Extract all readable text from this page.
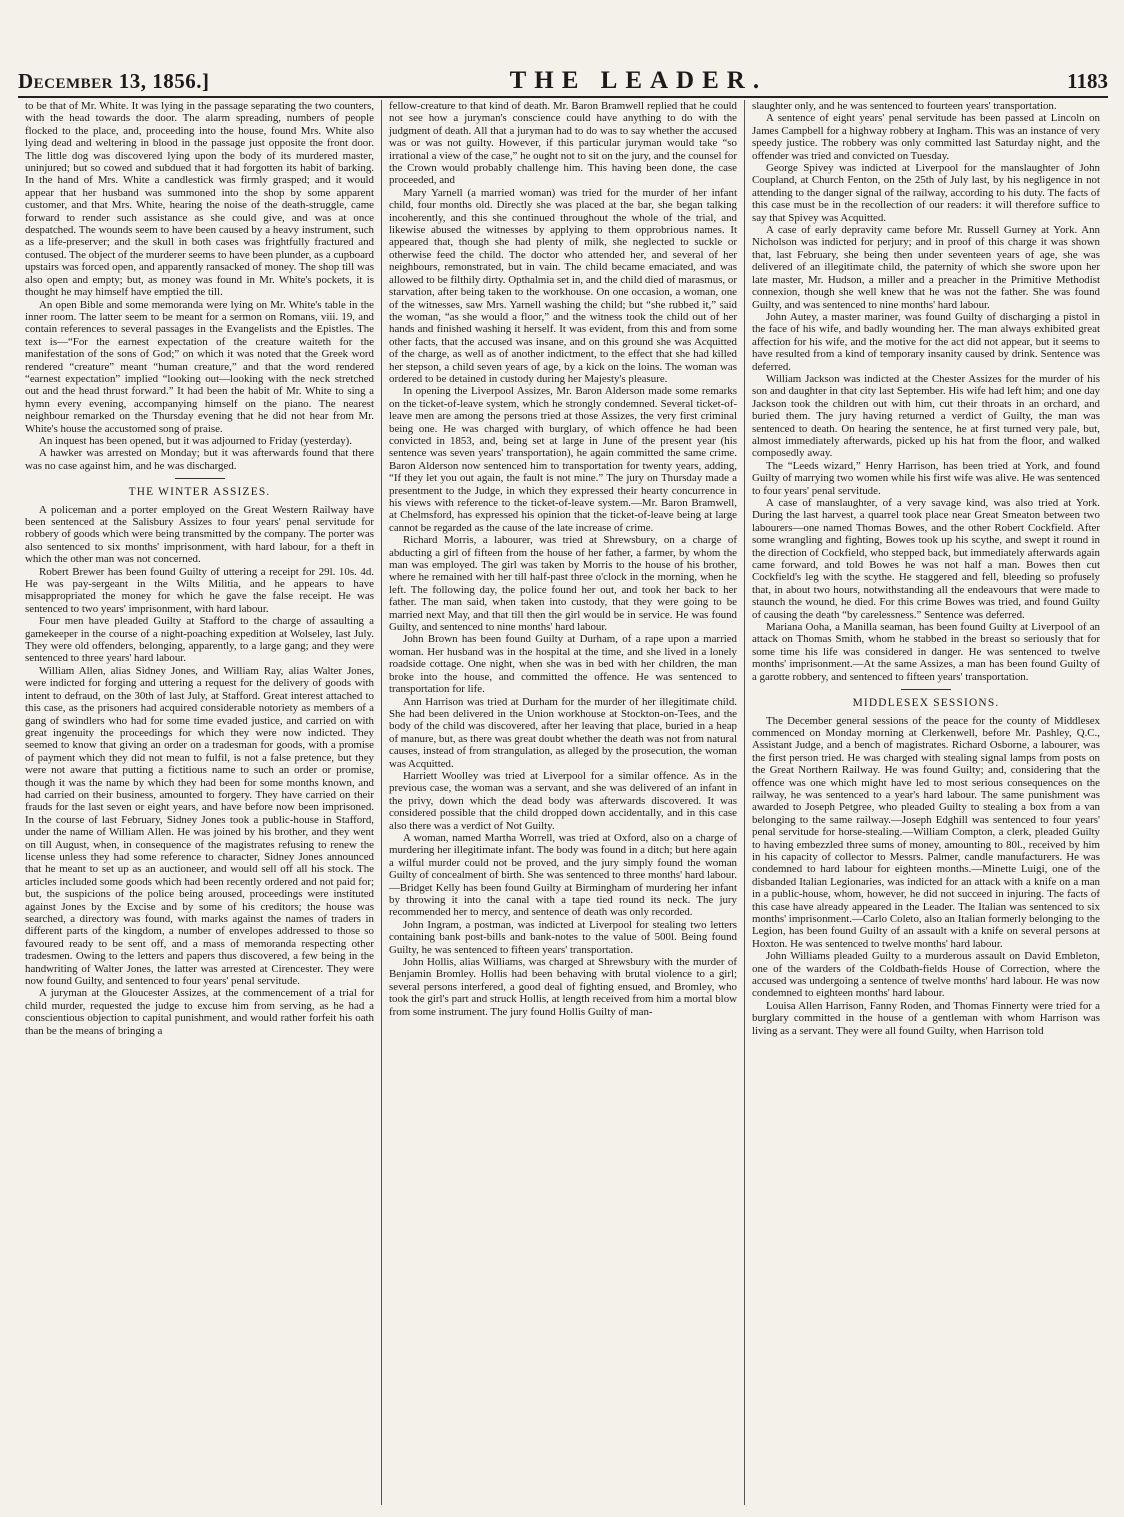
December 13, 1856.]	THE LEADER.	1183

to be that of Mr. White. It was lying in the passage separating the two counters, with the head towards the door. The alarm spreading, numbers of people flocked to the place, and, proceeding into the house, found Mrs. White also lying dead and weltering in blood in the passage just opposite the front door. The little dog was discovered lying upon the body of its murdered master, uninjured; but so cowed and subdued that it had forgotten its habit of barking. In the hand of Mrs. White a candlestick was firmly grasped; and it would appear that her husband was summoned into the shop by some apparent customer, and that Mrs. White, hearing the noise of the death-struggle, came forward to render such assistance as she could give, and was at once despatched. The wounds seem to have been caused by a heavy instrument, such as a life-preserver; and the skull in both cases was frightfully fractured and contused. The object of the murderer seems to have been plunder, as a cupboard upstairs was forced open, and apparently ransacked of money. The shop till was also open and empty; but, as money was found in Mr. White's pockets, it is thought he may himself have emptied the till.

An open Bible and some memoranda were lying on Mr. White's table in the inner room. The latter seem to be meant for a sermon on Romans, viii. 19, and contain references to several passages in the Evangelists and the Epistles. The text is—“For the earnest expectation of the creature waiteth for the manifestation of the sons of God;” on which it was noted that the Greek word rendered “creature” meant “human creature,” and that the word rendered “earnest expectation” implied “looking out—looking with the neck stretched out and the head thrust forward.” It had been the habit of Mr. White to sing a hymn every evening, accompanying himself on the piano. The nearest neighbour remarked on the Thursday evening that he did not hear from Mr. White's house the accustomed song of praise.

An inquest has been opened, but it was adjourned to Friday (yesterday).

A hawker was arrested on Monday; but it was afterwards found that there was no case against him, and he was discharged.

THE WINTER ASSIZES.

A policeman and a porter employed on the Great Western Railway have been sentenced at the Salisbury Assizes to four years' penal servitude for robbery of goods which were being transmitted by the company. The porter was also sentenced to six months' imprisonment, with hard labour, for a theft in which the other man was not concerned.

Robert Brewer has been found Guilty of uttering a receipt for 29l. 10s. 4d. He was pay-sergeant in the Wilts Militia, and he appears to have misappropriated the money for which he gave the false receipt. He was sentenced to two years' imprisonment, with hard labour.

Four men have pleaded Guilty at Stafford to the charge of assaulting a gamekeeper in the course of a night-poaching expedition at Wolseley, last July. They were old offenders, belonging, apparently, to a large gang; and they were sentenced to three years' hard labour.

William Allen, alias Sidney Jones, and William Ray, alias Walter Jones, were indicted for forging and uttering a request for the delivery of goods with intent to defraud, on the 30th of last July, at Stafford. Great interest attached to this case, as the prisoners had acquired considerable notoriety as members of a gang of swindlers who had for some time evaded justice, and carried on with great ingenuity the proceedings for which they were now indicted. They seemed to know that giving an order on a tradesman for goods, with a promise of payment which they did not mean to fulfil, is not a false pretence, but they were not aware that putting a fictitious name to such an order or promise, though it was the name by which they had been for some months known, and had carried on their business, amounted to forgery. They have carried on their frauds for the last seven or eight years, and have before now been imprisoned. In the course of last February, Sidney Jones took a public-house in Stafford, under the name of William Allen. He was joined by his brother, and they went on till August, when, in consequence of the magistrates refusing to renew the license unless they had some reference to character, Sidney Jones announced that he meant to set up as an auctioneer, and would sell off all his stock. The articles included some goods which had been recently ordered and not paid for; but, the suspicions of the police being aroused, proceedings were instituted against Jones by the Excise and by some of his creditors; the house was searched, a directory was found, with marks against the names of traders in different parts of the kingdom, a number of envelopes addressed to those so favoured ready to be sent off, and a mass of memoranda respecting other tradesmen. Owing to the letters and papers thus discovered, a few being in the handwriting of Walter Jones, the latter was arrested at Cirencester. They were now found Guilty, and sentenced to four years' penal servitude.

A juryman at the Gloucester Assizes, at the commencement of a trial for child murder, requested the judge to excuse him from serving, as he had a conscientious objection to capital punishment, and would rather forfeit his oath than be the means of bringing a

fellow-creature to that kind of death. Mr. Baron Bramwell replied that he could not see how a juryman's conscience could have anything to do with the judgment of death. All that a juryman had to do was to say whether the accused was or was not guilty. However, if this particular juryman would take “so irrational a view of the case,” he ought not to sit on the jury, and the counsel for the Crown would probably challenge him. This having been done, the case proceeded, and

Mary Yarnell (a married woman) was tried for the murder of her infant child, four months old. Directly she was placed at the bar, she began talking incoherently, and this she continued throughout the whole of the trial, and likewise abused the witnesses by applying to them opprobrious names. It appeared that, though she had plenty of milk, she neglected to suckle or otherwise feed the child. The doctor who attended her, and several of her neighbours, remonstrated, but in vain. The child became emaciated, and was allowed to be filthily dirty. Opthalmia set in, and the child died of marasmus, or starvation, after being taken to the workhouse. On one occasion, a woman, one of the witnesses, saw Mrs. Yarnell washing the child; but “she rubbed it,” said the woman, “as she would a floor,” and the witness took the child out of her hands and finished washing it herself. It was evident, from this and from some other facts, that the accused was insane, and on this ground she was Acquitted of the charge, as well as of another indictment, to the effect that she had killed her stepson, a child seven years of age, by a kick on the loins. The woman was ordered to be detained in custody during her Majesty's pleasure.

In opening the Liverpool Assizes, Mr. Baron Alderson made some remarks on the ticket-of-leave system, which he strongly condemned. Several ticket-of-leave men are among the persons tried at those Assizes, the very first criminal being one. He was charged with burglary, of which offence he had been convicted in 1853, and, being set at large in June of the present year (his sentence was seven years' transportation), he again committed the same crime. Baron Alderson now sentenced him to transportation for twenty years, adding, “If they let you out again, the fault is not mine.” The jury on Thursday made a presentment to the Judge, in which they expressed their hearty concurrence in his views with reference to the ticket-of-leave system.—Mr. Baron Bramwell, at Chelmsford, has expressed his opinion that the ticket-of-leave being at large cannot be regarded as the cause of the late increase of crime.

Richard Morris, a labourer, was tried at Shrewsbury, on a charge of abducting a girl of fifteen from the house of her father, a farmer, by whom the man was employed. The girl was taken by Morris to the house of his brother, where he remained with her till half-past three o'clock in the morning, when he left. The following day, the police found her out, and took her back to her father. The man said, when taken into custody, that they were going to be married next May, and that till then the girl would be in service. He was found Guilty, and sentenced to nine months' hard labour.

John Brown has been found Guilty at Durham, of a rape upon a married woman. Her husband was in the hospital at the time, and she lived in a lonely roadside cottage. One night, when she was in bed with her children, the man broke into the house, and committed the offence. He was sentenced to transportation for life.

Ann Harrison was tried at Durham for the murder of her illegitimate child. She had been delivered in the Union workhouse at Stockton-on-Tees, and the body of the child was discovered, after her leaving that place, buried in a heap of manure, but, as there was great doubt whether the death was not from natural causes, instead of from strangulation, as alleged by the prosecution, the woman was Acquitted.

Harriett Woolley was tried at Liverpool for a similar offence. As in the previous case, the woman was a servant, and she was delivered of an infant in the privy, down which the dead body was afterwards discovered. It was considered possible that the child dropped down accidentally, and in this case also there was a verdict of Not Guilty.

A woman, named Martha Worrell, was tried at Oxford, also on a charge of murdering her illegitimate infant. The body was found in a ditch; but here again a wilful murder could not be proved, and the jury simply found the woman Guilty of concealment of birth. She was sentenced to three months' hard labour.—Bridget Kelly has been found Guilty at Birmingham of murdering her infant by throwing it into the canal with a tape tied round its neck. The jury recommended her to mercy, and sentence of death was only recorded.

John Ingram, a postman, was indicted at Liverpool for stealing two letters containing bank post-bills and bank-notes to the value of 500l. Being found Guilty, he was sentenced to fifteen years' transportation.

John Hollis, alias Williams, was charged at Shrewsbury with the murder of Benjamin Bromley. Hollis had been behaving with brutal violence to a girl; several persons interfered, a good deal of fighting ensued, and Bromley, who took the girl's part and struck Hollis, at length received from him a mortal blow from some instrument. The jury found Hollis Guilty of man-

slaughter only, and he was sentenced to fourteen years' transportation.

A sentence of eight years' penal servitude has been passed at Lincoln on James Campbell for a highway robbery at Ingham. This was an instance of very speedy justice. The robbery was only committed last Saturday night, and the offender was tried and convicted on Tuesday.

George Spivey was indicted at Liverpool for the manslaughter of John Coupland, at Church Fenton, on the 25th of July last, by his negligence in not attending to the danger signal of the railway, according to his duty. The facts of this case must be in the recollection of our readers: it will therefore suffice to say that Spivey was Acquitted.

A case of early depravity came before Mr. Russell Gurney at York. Ann Nicholson was indicted for perjury; and in proof of this charge it was shown that, last February, she being then under seventeen years of age, she was delivered of an illegitimate child, the paternity of which she swore upon her late master, Mr. Hudson, a miller and a preacher in the Primitive Methodist connexion, though she well knew that he was not the father. She was found Guilty, and was sentenced to nine months' hard labour.

John Autey, a master mariner, was found Guilty of discharging a pistol in the face of his wife, and badly wounding her. The man always exhibited great affection for his wife, and the motive for the act did not appear, but it seems to have resulted from a kind of temporary insanity caused by drink. Sentence was deferred.

William Jackson was indicted at the Chester Assizes for the murder of his son and daughter in that city last September. His wife had left him; and one day Jackson took the children out with him, cut their throats in an orchard, and buried them. The jury having returned a verdict of Guilty, the man was sentenced to death. On hearing the sentence, he at first turned very pale, but, almost immediately afterwards, picked up his hat from the floor, and walked composedly away.

The “Leeds wizard,” Henry Harrison, has been tried at York, and found Guilty of marrying two women while his first wife was alive. He was sentenced to four years' penal servitude.

A case of manslaughter, of a very savage kind, was also tried at York. During the last harvest, a quarrel took place near Great Smeaton between two labourers—one named Thomas Bowes, and the other Robert Cockfield. After some wrangling and fighting, Bowes took up his scythe, and swept it round in the direction of Cockfield, who stepped back, but immediately afterwards again came forward, and told Bowes he was not half a man. Bowes then cut Cockfield's leg with the scythe. He staggered and fell, bleeding so profusely that, in about two hours, notwithstanding all the endeavours that were made to staunch the wound, he died. For this crime Bowes was tried, and found Guilty of causing the death “by carelessness.” Sentence was deferred.

Mariana Ooha, a Manilla seaman, has been found Guilty at Liverpool of an attack on Thomas Smith, whom he stabbed in the breast so seriously that for some time his life was considered in danger. He was sentenced to twelve months' imprisonment.—At the same Assizes, a man has been found Guilty of a garotte robbery, and sentenced to fifteen years' transportation.

MIDDLESEX SESSIONS.

The December general sessions of the peace for the county of Middlesex commenced on Monday morning at Clerkenwell, before Mr. Pashley, Q.C., Assistant Judge, and a bench of magistrates. Richard Osborne, a labourer, was the first person tried. He was charged with stealing signal lamps from posts on the Great Northern Railway. He was found Guilty; and, considering that the offence was one which might have led to most serious consequences on the railway, he was sentenced to a year's hard labour. The same punishment was awarded to Joseph Petgree, who pleaded Guilty to stealing a box from a van belonging to the same railway.—Joseph Edghill was sentenced to four years' penal servitude for horse-stealing.—William Compton, a clerk, pleaded Guilty to having embezzled three sums of money, amounting to 80l., received by him in his capacity of collector to Messrs. Palmer, candle manufacturers. He was condemned to hard labour for eighteen months.—Minette Luigi, one of the disbanded Italian Legionaries, was indicted for an attack with a knife on a man in a public-house, whom, however, he did not succeed in injuring. The facts of this case have already appeared in the Leader. The Italian was sentenced to six months' imprisonment.—Carlo Coleto, also an Italian formerly belonging to the Legion, has been found Guilty of an assault with a knife on several persons at Hoxton. He was sentenced to twelve months' hard labour.

John Williams pleaded Guilty to a murderous assault on David Embleton, one of the warders of the Coldbath-fields House of Correction, where the accused was undergoing a sentence of twelve months' hard labour. He was now condemned to eighteen months' hard labour.

Louisa Allen Harrison, Fanny Roden, and Thomas Finnerty were tried for a burglary committed in the house of a gentleman with whom Harrison was living as a servant. They were all found Guilty, when Harrison told
